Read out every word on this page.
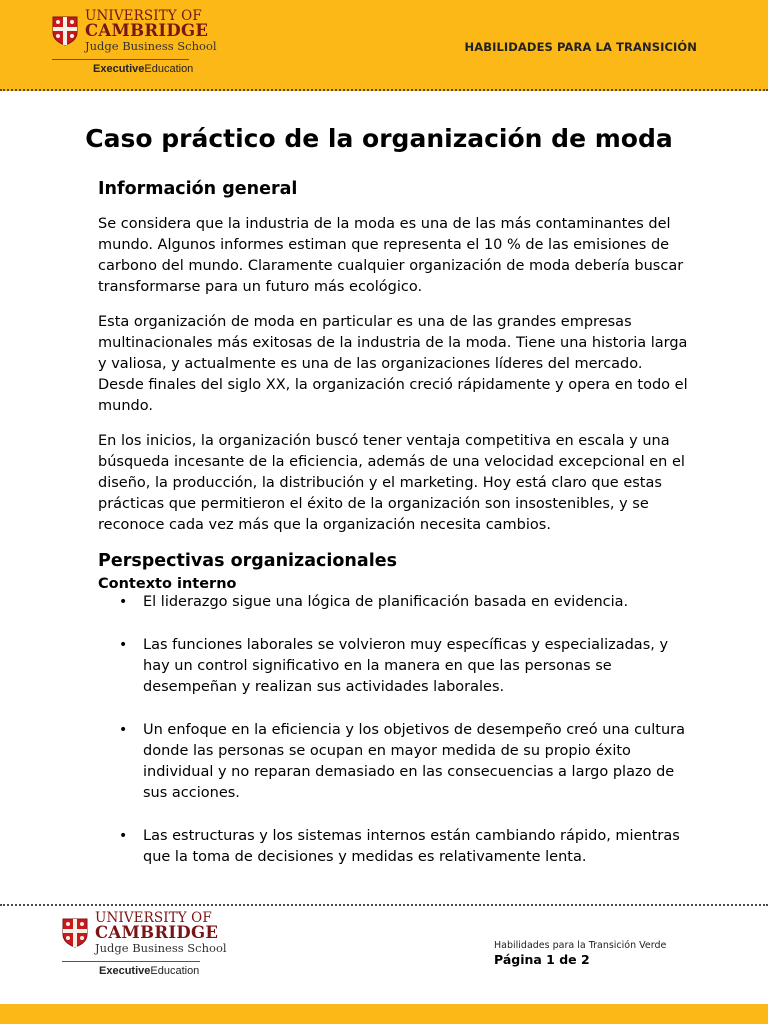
UNIVERSITY OF
CAMBRIDGE
Judge Business School
ExecutiveEducation
HABILIDADES PARA LA TRANSICIÓN
Caso práctico de la organización de moda
Información general

Se considera que la industria de la moda es una de las más contaminantes del mundo. Algunos informes estiman que representa el 10 % de las emisiones de carbono del mundo. Claramente cualquier organización de moda debería buscar transformarse para un futuro más ecológico.

Esta organización de moda en particular es una de las grandes empresas multinacionales más exitosas de la industria de la moda. Tiene una historia larga y valiosa, y actualmente es una de las organizaciones líderes del mercado. Desde finales del siglo XX, la organización creció rápidamente y opera en todo el mundo.

En los inicios, la organización buscó tener ventaja competitiva en escala y una búsqueda incesante de la eficiencia, además de una velocidad excepcional en el diseño, la producción, la distribución y el marketing. Hoy está claro que estas prácticas que permitieron el éxito de la organización son insostenibles, y se reconoce cada vez más que la organización necesita cambios.

Perspectivas organizacionales
Contexto interno
• El liderazgo sigue una lógica de planificación basada en evidencia.
• Las funciones laborales se volvieron muy específicas y especializadas, y hay un control significativo en la manera en que las personas se desempeñan y realizan sus actividades laborales.
• Un enfoque en la eficiencia y los objetivos de desempeño creó una cultura donde las personas se ocupan en mayor medida de su propio éxito individual y no reparan demasiado en las consecuencias a largo plazo de sus acciones.
• Las estructuras y los sistemas internos están cambiando rápido, mientras que la toma de decisiones y medidas es relativamente lenta.
UNIVERSITY OF
CAMBRIDGE
Judge Business School
ExecutiveEducation
Habilidades para la Transición Verde
Página 1 de 2
